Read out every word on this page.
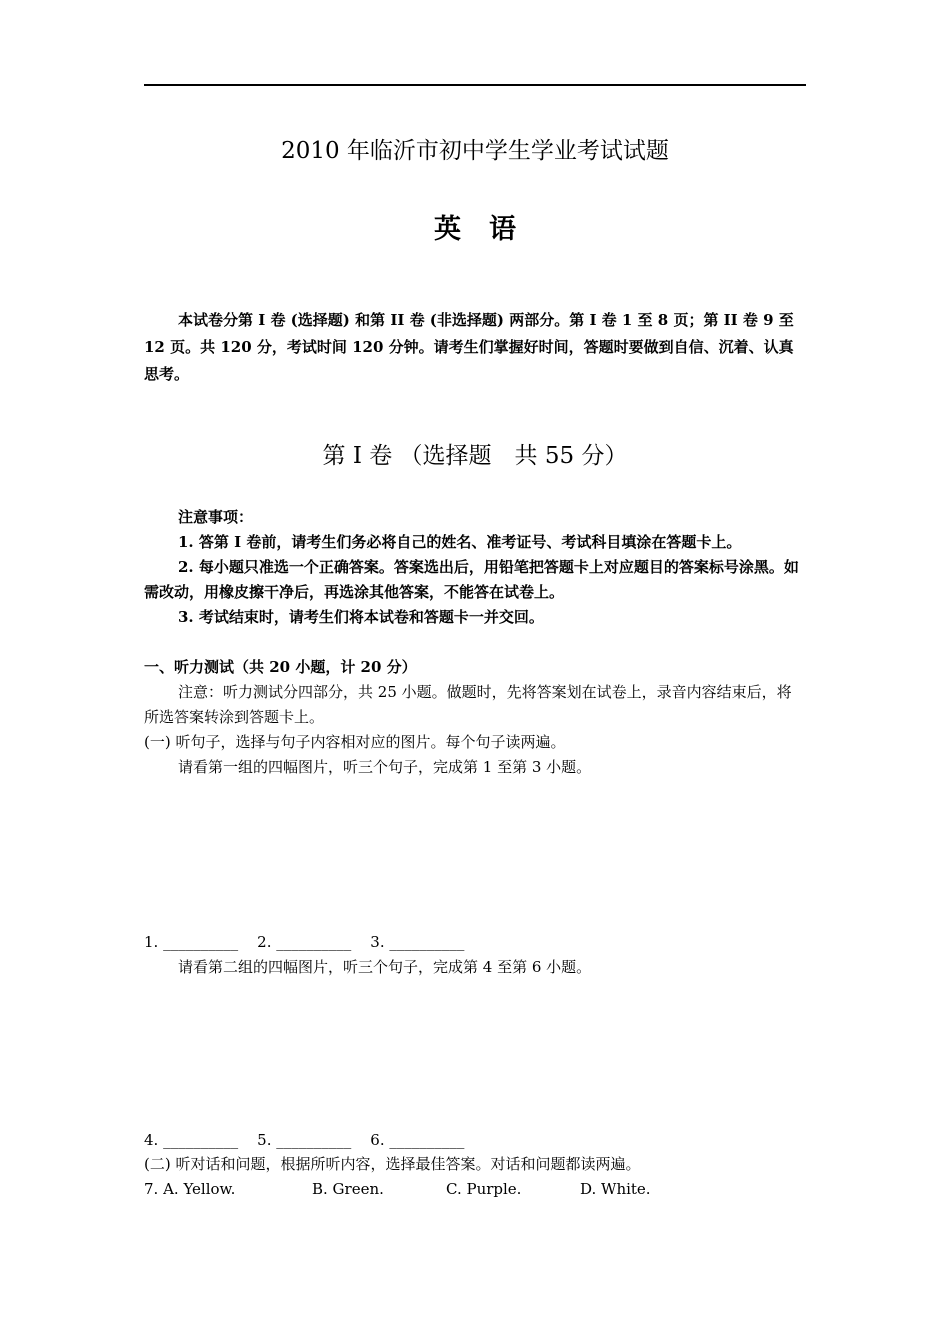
2010 年临沂市初中学生学业考试试题
英语

本试卷分第 I 卷 (选择题) 和第 II 卷 (非选择题) 两部分。第 I 卷 1 至 8 页；第 II 卷 9 至 12 页。共 120 分，考试时间 120 分钟。请考生们掌握好时间，答题时要做到自信、沉着、认真思考。

第 I 卷 （选择题　共 55 分）

注意事项：

1. 答第 I 卷前，请考生们务必将自己的姓名、准考证号、考试科目填涂在答题卡上。

2. 每小题只准选一个正确答案。答案选出后，用铅笔把答题卡上对应题目的答案标号涂黑。如需改动，用橡皮擦干净后，再选涂其他答案，不能答在试卷上。

3. 考试结束时，请考生们将本试卷和答题卡一并交回。

一、听力测试（共 20 小题，计 20 分）

注意：听力测试分四部分，共 25 小题。做题时，先将答案划在试卷上，录音内容结束后，将所选答案转涂到答题卡上。

(一) 听句子，选择与句子内容相对应的图片。每个句子读两遍。

请看第一组的四幅图片，听三个句子，完成第 1 至第 3 小题。

1. __________    2. __________    3. __________

请看第二组的四幅图片，听三个句子，完成第 4 至第 6 小题。

4. __________    5. __________    6. __________

(二) 听对话和问题，根据所听内容，选择最佳答案。对话和问题都读两遍。

7. A. Yellow.	B. Green.	C. Purple.	D. White.
